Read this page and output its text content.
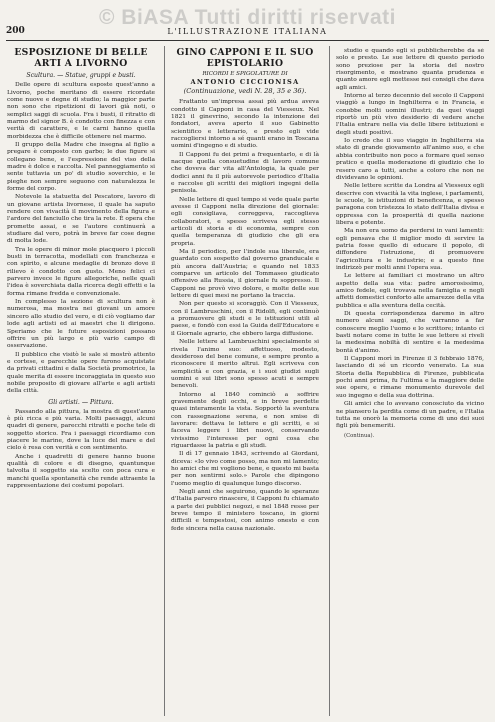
© BiASA Tutti diritti riservati
200	L'ILLUSTRAZIONE ITALIANA
ESPOSIZIONE DI BELLE ARTI A LIVORNO
Scultura. — Statue, gruppi e busti.

Delle opere di scultura esposte quest'anno a Livorno, poche meritano di essere ricordate come nuove e degne di studio; la maggior parte non sono che ripetizioni di lavori già noti, o semplici saggi di scuola. Fra i busti, il ritratto di marmo del signor B. è condotto con finezza e con verità di carattere, e le carni hanno quella morbidezza che è difficile ottenere nel marmo.

Il gruppo della Madre che insegna al figlio a pregare è composto con garbo; le due figure si collegano bene, e l'espressione del viso della madre è dolce e raccolta. Nel panneggiamento si sente tuttavia un po' di studio soverchio, e le pieghe non sempre seguono con naturalezza le forme del corpo.

Notevole la statuetta del Pescatore, lavoro di un giovane artista livornese, il quale ha saputo rendere con vivacità il movimento della figura e l'ardore del fanciullo che tira la rete. È opera che promette assai, e se l'autore continuerà a studiare dal vero, potrà in breve far cose degne di molta lode.

Tra le opere di minor mole piacquero i piccoli busti in terracotta, modellati con franchezza e con spirito, e alcune medaglie di bronzo dove il rilievo è condotto con gusto. Meno felici ci parvero invece le figure allegoriche, nelle quali l'idea è soverchiata dalla ricerca degli effetti e la forma rimane fredda e convenzionale.

In complesso la sezione di scultura non è numerosa, ma mostra nei giovani un amore sincero allo studio del vero, e di ciò vogliamo dar lode agli artisti ed ai maestri che li dirigono. Speriamo che le future esposizioni possano offrire un più largo e più vario campo di osservazione.

Il pubblico che visitò le sale si mostrò attento e cortese, e parecchie opere furono acquistate da privati cittadini e dalla Società promotrice, la quale merita di essere incoraggiata in questo suo nobile proposito di giovare all'arte e agli artisti della città.

Gli artisti. — Pittura.

Passando alla pittura, la mostra di quest'anno è più ricca e più varia. Molti paesaggi, alcuni quadri di genere, parecchi ritratti e poche tele di soggetto storico. Fra i paesaggi ricordiamo con piacere le marine, dove la luce del mare e del cielo è resa con verità e con sentimento.

Anche i quadretti di genere hanno buone qualità di colore e di disegno, quantunque talvolta il soggetto sia scelto con poca cura e manchi quella spontaneità che rende attraente la rappresentazione dei costumi popolari.

GINO CAPPONI E IL SUO EPISTOLARIO
RICORDI E SPIGOLATURE DI
ANTONIO CICCIONISA
(Continuazione, vedi N. 28, 35 e 36).

Frattanto un'impresa assai più ardua aveva condotto il Capponi in casa del Viesseux. Nel 1821 il ginevrino, secondo la intenzione dei fondatori, aveva aperto il suo Gabinetto scientifico e letterario, e presto egli vide raccogliersi intorno a sé quanti erano in Toscana uomini d'ingegno e di studio.

Il Capponi fu dei primi a frequentarlo, e di là nacque quella consuetudine di lavoro comune che doveva dar vita all'Antologia, la quale per dodici anni fu il più autorevole periodico d'Italia e raccolse gli scritti dei migliori ingegni della penisola.

Nelle lettere di quel tempo si vede quale parte avesse il Capponi nella direzione del giornale: egli consigliava, correggeva, raccoglieva collaboratori, e spesso scriveva egli stesso articoli di storia e di economia, sempre con quella temperanza di giudizio che gli era propria.

Ma il periodico, per l'indole sua liberale, era guardato con sospetto dal governo granducale e più ancora dall'Austria; e quando nel 1833 comparve un articolo del Tommaseo giudicato offensivo alla Russia, il giornale fu soppresso. Il Capponi ne provò vivo dolore, e molte delle sue lettere di quei mesi ne portano la traccia.

Non per questo si scoraggiò. Con il Viesseux, con il Lambruschini, con il Ridolfi, egli continuò a promuovere gli studi e le istituzioni utili al paese, e fondò con essi la Guida dell'Educatore e il Giornale agrario, che ebbero larga diffusione.

Nelle lettere al Lambruschini specialmente si rivela l'animo suo: affettuoso, modesto, desideroso del bene comune, e sempre pronto a riconoscere il merito altrui. Egli scriveva con semplicità e con grazia, e i suoi giudizi sugli uomini e sui libri sono spesso acuti e sempre benevoli.

Intorno al 1840 cominciò a soffrire gravemente degli occhi, e in breve perdette quasi interamente la vista. Sopportò la sventura con rassegnazione serena, e non smise di lavorare: dettava le lettere e gli scritti, e si faceva leggere i libri nuovi, conservando vivissimo l'interesse per ogni cosa che riguardasse la patria e gli studi.

Il dì 17 gennaio 1843, scrivendo al Giordani, diceva: «Io vivo come posso, ma non mi lamento; ho amici che mi vogliono bene, e questo mi basta per non sentirmi solo.» Parole che dipingono l'uomo meglio di qualunque lungo discorso.

Negli anni che seguirono, quando le speranze d'Italia parvero rinascere, il Capponi fu chiamato a parte dei pubblici negozi, e nel 1848 resse per breve tempo il ministero toscano, in giorni difficili e tempestosi, con animo onesto e con fede sincera nella causa nazionale.

studio e quando egli si pubblicherebbe da sé solo e presto. Le sue lettere di questo periodo sono preziose per la storia del nostro risorgimento, e mostrano quanta prudenza e quanto amore egli mettesse nei consigli che dava agli amici.

Intorno al terzo decennio del secolo il Capponi viaggiò a lungo in Inghilterra e in Francia, e conobbe molti uomini illustri; da quei viaggi riportò un più vivo desiderio di vedere anche l'Italia entrare nella via delle libere istituzioni e degli studi positivi.

Io credo che il suo viaggio in Inghilterra sia stato di grande giovamento all'animo suo, e che abbia contribuito non poco a formare quel senso pratico e quella moderazione di giudizio che lo resero caro a tutti, anche a coloro che non ne dividevano le opinioni.

Nelle lettere scritte da Londra al Viesseux egli descrive con vivacità la vita inglese, i parlamenti, le scuole, le istituzioni di beneficenza, e spesso paragona con tristezza lo stato dell'Italia divisa e oppressa con la prosperità di quella nazione libera e potente.

Ma non era uomo da perdersi in vani lamenti: egli pensava che il miglior modo di servire la patria fosse quello di educare il popolo, di diffondere l'istruzione, di promuovere l'agricoltura e le industrie; e a questo fine indirizzò per molti anni l'opera sua.

Le lettere ai familiari ci mostrano un altro aspetto della sua vita: padre amorosissimo, amico fedele, egli trovava nella famiglia e negli affetti domestici conforto alle amarezze della vita pubblica e alla sventura della cecità.

Di questa corrispondenza daremo in altro numero alcuni saggi, che varranno a far conoscere meglio l'uomo e lo scrittore; intanto ci basti notare come in tutte le sue lettere si riveli la medesima nobiltà di sentire e la medesima bontà d'animo.

Il Capponi morì in Firenze il 3 febbraio 1876, lasciando di sé un ricordo venerato. La sua Storia della Repubblica di Firenze, pubblicata pochi anni prima, fu l'ultima e la maggiore delle sue opere, e rimane monumento durevole del suo ingegno e della sua dottrina.

Gli amici che lo avevano conosciuto da vicino ne piansero la perdita come di un padre, e l'Italia tutta ne onorò la memoria come di uno dei suoi figli più benemeriti.

(Continua).
